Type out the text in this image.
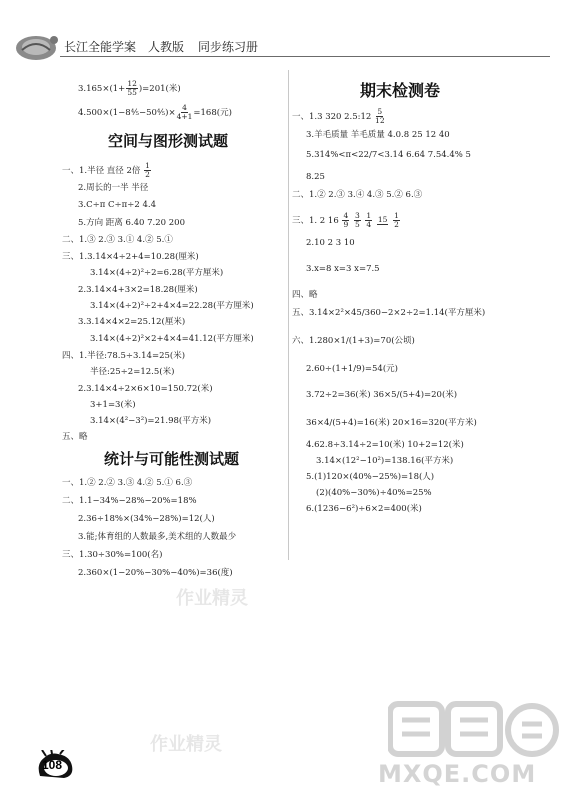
长江全能学案 人教版 同步练习册
$3.165\times(1+ \frac{12}{55} )=201$(米)
4.500×(1−8⅘−50⅘)× $\frac{4}{4+1} =168$(元)
空间与图形测试题
一、1.半径 直径 2倍 $\frac{1}{2}$
2.周长的一半 半径
3.C÷π C÷π÷2 4.4
5.方向 距离 6.40 7.20 200
二、1.③ 2.③ 3.① 4.② 5.①
三、1.3.14×4÷2+4=10.28(厘米)
3.14×(4÷2)²÷2=6.28(平方厘米)
2.3.14×4+3×2=18.28(厘米)
3.14×(4÷2)²÷2+4×4=22.28(平方厘米)
3.3.14×4×2=25.12(厘米)
3.14×(4÷2)²×2+4×4=41.12(平方厘米)
四、1.半径:78.5÷3.14=25(米)
半径:25÷2=12.5(米)
2.3.14×4÷2×6×10=150.72(米)
3+1=3(米)
3.14×(4²−3²)=21.98(平方米)
五、略
统计与可能性测试题
一、1.② 2.② 3.③ 4.② 5.① 6.③
二、1.1−34%−28%−20%=18%
2.36÷18%×(34%−28%)=12(人)
3.能;体育组的人数最多,美术组的人数最少
三、1.30÷30%=100(名)
2.360×(1−20%−30%−40%)=36(度)
作业精灵
作业精灵
期末检测卷
一、1.3 320 2.5:12 $\frac{5}{12}$
3.羊毛质量 羊毛质量 4.0.8 25 12 40
5.314%<π<22/7<3.14 6.64 7.54.4% 5
8.25
二、1.② 2.③ 3.④ 4.③ 5.② 6.③
三、1. 2 $16 \frac{4}{9}$
$\frac{3}{5}$
$\frac{1}{4}$
15
$\frac{1}{2}$
2.10 2 3 10
3.x=8 x=3 x=7.5
四、略
五、3.14×2²×45/360−2×2÷2=1.14(平方厘米)
六、1.280×1/(1+3)=70(公顷)
2.60÷(1+1/9)=54(元)
3.72÷2=36(米) 36×5/(5+4)=20(米)
36×4/(5+4)=16(米) 20×16=320(平方米)
4.62.8÷3.14÷2=10(米) 10+2=12(米)
3.14×(12²−10²)=138.16(平方米)
5.(1)120×(40%−25%)=18(人)
(2)(40%−30%)÷40%=25%
6.(1236−6²)÷6×2=400(米)
108	MXQE.COM
